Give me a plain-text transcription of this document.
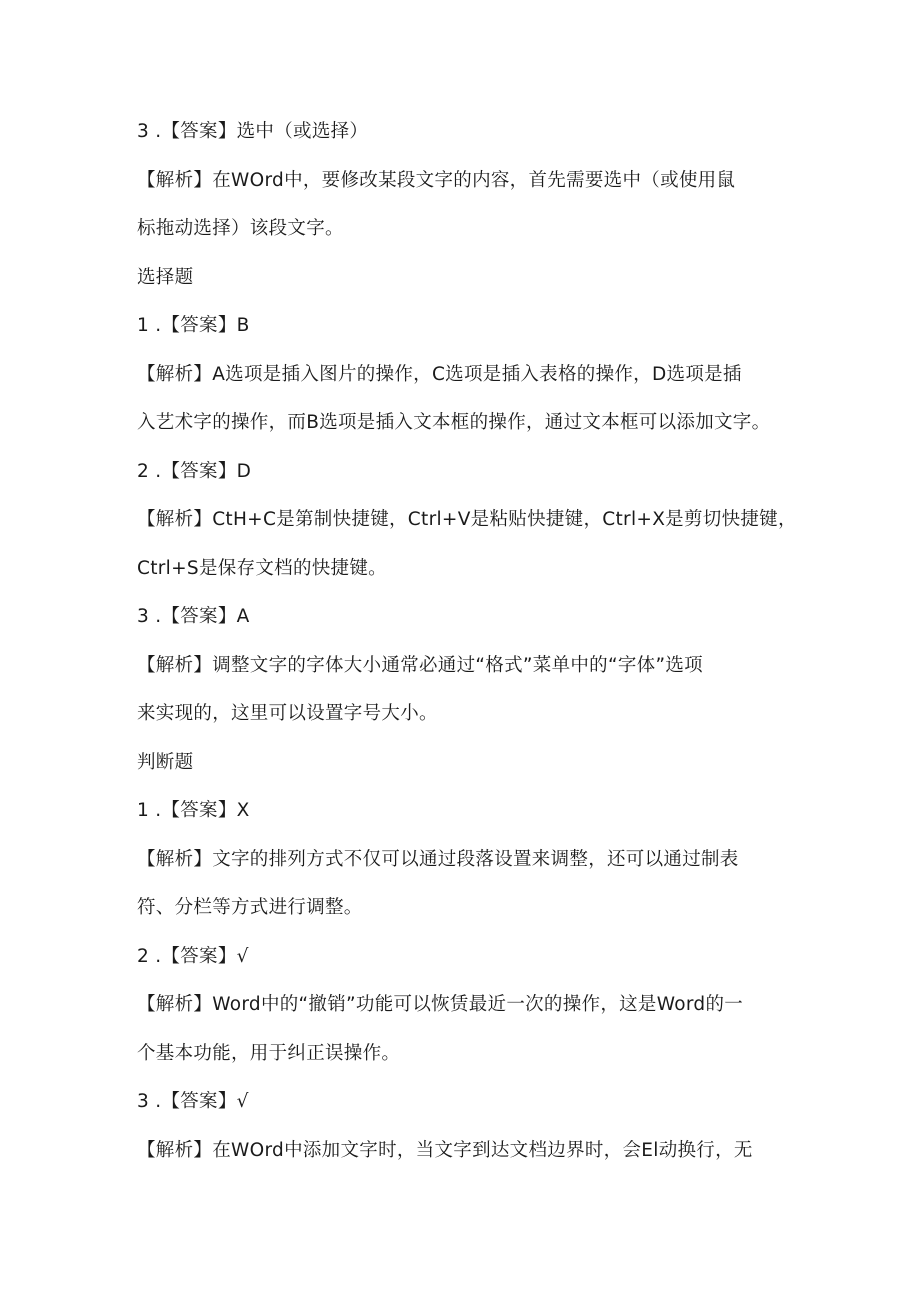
3 .【答案】选中（或选择）
【解析】在WOrd中，要修改某段文字的内容，首先需要选中（或使用鼠
标拖动选择）该段文字。
选择题
1 .【答案】B
【解析】A选项是插入图片的操作，C选项是插入表格的操作，D选项是插
入艺术字的操作，而B选项是插入文本框的操作，通过文本框可以添加文字。
2 .【答案】D
【解析】CtH+C是第制快捷键，Ctrl+V是粘贴快捷键，Ctrl+X是剪切快捷键，
Ctrl+S是保存文档的快捷键。
3 .【答案】A
【解析】调整文字的字体大小通常必通过“格式”菜单中的“字体”选项
来实现的，这里可以设置字号大小。
判断题
1 .【答案】X
【解析】文字的排列方式不仅可以通过段落设置来调整，还可以通过制表
符、分栏等方式进行调整。
2 .【答案】√
【解析】Word中的“撤销”功能可以恢赁最近一次的操作，这是Word的一
个基本功能，用于纠正误操作。
3 .【答案】√
【解析】在WOrd中添加文字时，当文字到达文档边界时，会El动换行，无
